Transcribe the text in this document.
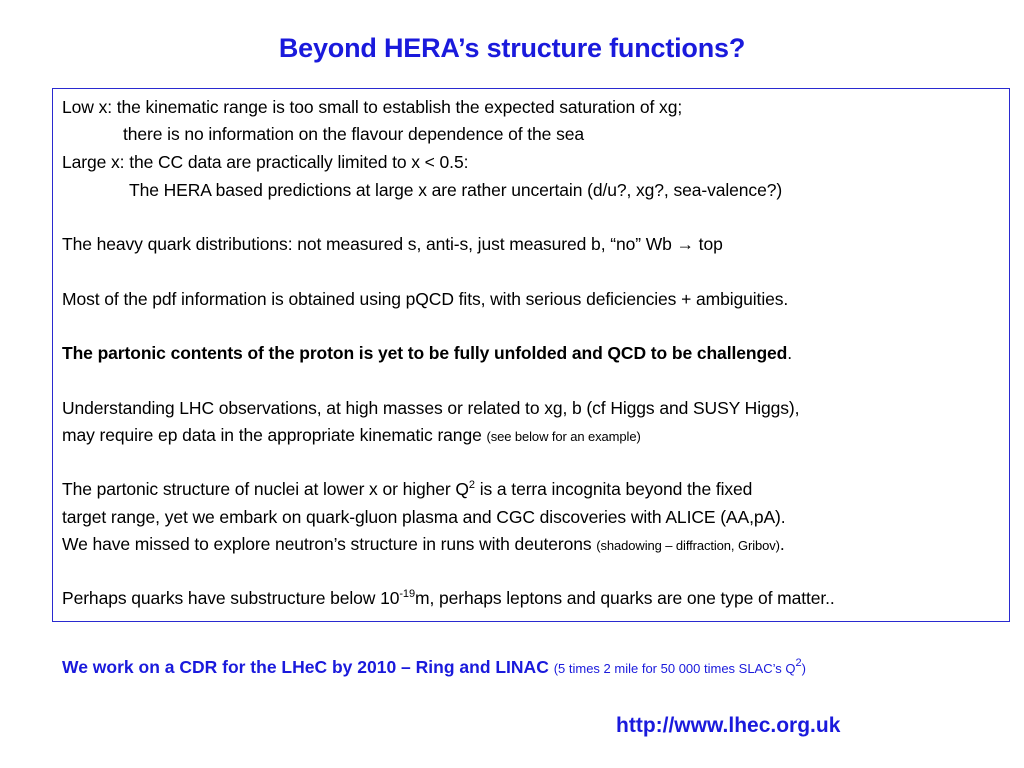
Beyond HERA’s structure functions?
Low x: the kinematic range is too small to establish the expected saturation of xg;
there is no information on the flavour dependence of the sea
Large x: the CC data are practically limited to x < 0.5:
The HERA based predictions at large x are rather uncertain (d/u?, xg?, sea-valence?)
The heavy quark distributions: not measured s, anti-s, just measured b, “no” Wb → top
Most of the pdf information is obtained using pQCD fits, with serious deficiencies + ambiguities.
The partonic contents of the proton is yet to be fully unfolded and QCD to be challenged.
Understanding LHC observations, at high masses or related to xg, b (cf Higgs and SUSY Higgs),
may require ep data in the appropriate kinematic range (see below for an example)
The partonic structure of nuclei at lower x or higher $Q^2$ is a terra incognita beyond the fixed
target range, yet we embark on quark-gluon plasma and CGC discoveries with ALICE (AA,pA).
We have missed to explore neutron’s structure in runs with deuterons (shadowing – diffraction, Gribov).
Perhaps quarks have substructure below $10^{-19}m$, perhaps leptons and quarks are one type of matter..
We work on a CDR for the LHeC by 2010 – Ring and LINAC (5 times 2 mile for 50 000 times SLAC’s $Q^2$)
http://www.lhec.org.uk
